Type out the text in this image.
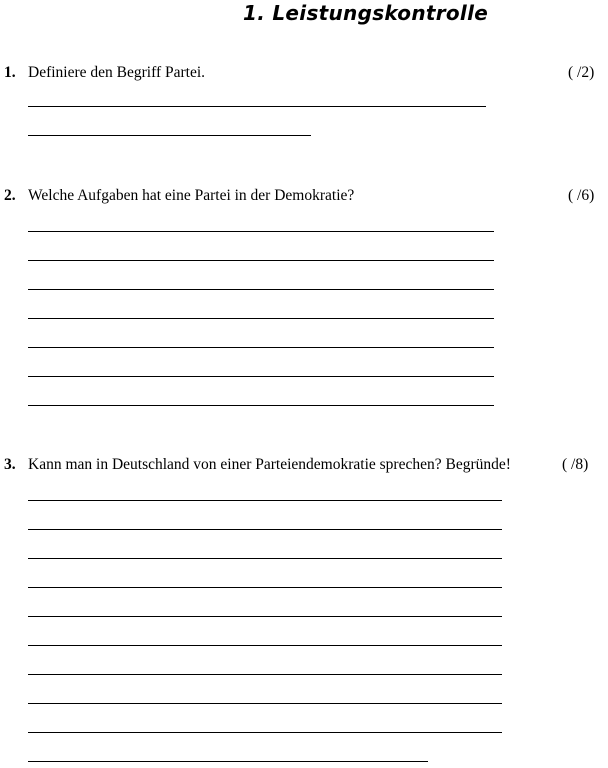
1. Leistungskontrolle
1. Definiere den Begriff Partei.	( /2)
2. Welche Aufgaben hat eine Partei in der Demokratie?	( /6)
3. Kann man in Deutschland von einer Parteiendemokratie sprechen? Begründe!	( /8)
